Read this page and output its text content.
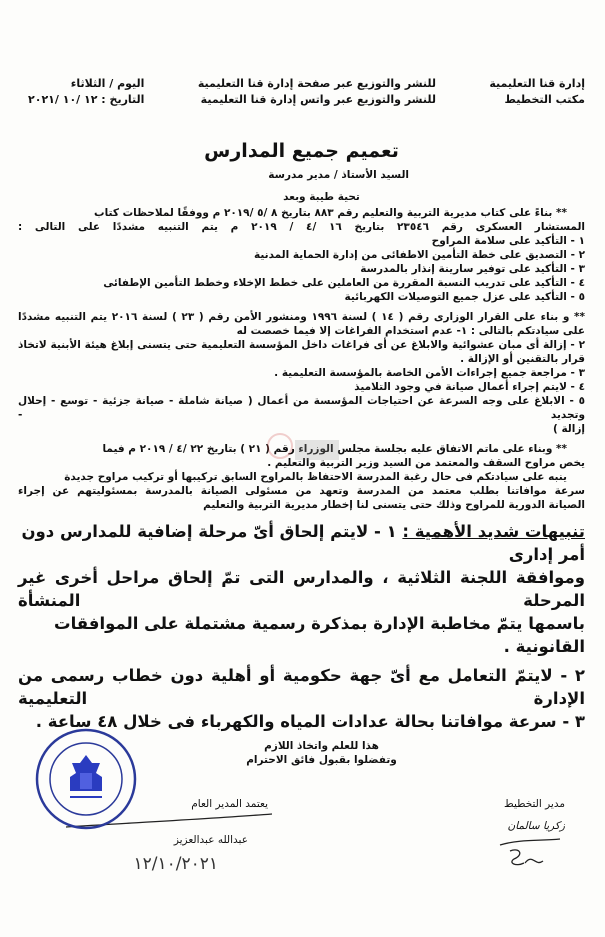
إدارة قنا التعليمية
مكتب التخطيط
للنشر والتوزيع عبر صفحة إدارة قنا التعليمية
للنشر والتوزيع عبر واتس إدارة قنا التعليمية
اليوم / الثلاثاء
التاريخ : ١٢ /١٠ /٢٠٢١
تعميم جميع المدارس
السيد الأستاذ / مدير مدرسة
تحية طيبة وبعد
** بناءً على كتاب مديرية التربية والتعليم رقم ٨٨٣ بتاريخ ٨ /٥ /٢٠١٩ م ووفقًا لملاحظات كتاب
المستشار العسكرى رقم ٢٣٥٤٦ بتاريخ ١٦ /٤ / ٢٠١٩ م يتم التنبيه مشددًا على التالى :
١ - التأكيد على سلامة المراوح
٢ - التصديق على خطة التأمين الاطفائى من إدارة الحماية المدنية
٣ - التأكيد على توفير سارينة إنذار بالمدرسة
٤ - التأكيد على تدريب النسبة المقررة من العاملين على خطط الإخلاء وخطط التأمين الإطفائى
٥ - التأكيد على عزل جميع التوصيلات الكهربائية
** و بناء على القرار الوزارى رقم ( ١٤ ) لسنة ١٩٩٦ ومنشور الأمن رقم ( ٢٣ ) لسنة ٢٠١٦ يتم التنبيه مشددًا
على سيادتكم بالتالى : ١- عدم استخدام الفراغات إلا فيما خصصت له
٢ - إزالة أى مبان عشوائية والابلاغ عن أى فراغات داخل المؤسسة التعليمية حتى يتسنى إبلاغ هيئة الأبنية لاتخاذ
قرار بالتقنين أو الإزالة .
٣ - مراجعة جميع إجراءات الأمن الخاصة بالمؤسسة التعليمية .
٤ - لايتم إجراء أعمال صيانة في وجود التلاميذ
٥ - الابلاغ على وجه السرعة عن احتياجات المؤسسة من أعمال ( صيانة شاملة - صيانة جزئية - توسع - إحلال وتجديد -
إزالة )
** وبناء على ماتم الاتفاق عليه بجلسة مجلس الوزراء رقم ( ٢١ ) بتاريخ ٢٢ /٤ / ٢٠١٩ م فيما
يخص مراوح السقف والمعتمد من السيد وزير التربية والتعليم .
ينبه على سيادتكم فى حال رغبة المدرسة الاحتفاظ بالمراوح السابق تركيبها أو تركيب مراوح جديدة
سرعة موافاتنا بطلب معتمد من المدرسة وتعهد من مسئولى الصيانة بالمدرسة بمسئوليتهم عن إجراء
الصيانة الدورية للمراوح وذلك حتى يتسنى لنا إخطار مديرية التربية والتعليم
تنبيهات شديد الأهمية : ١ - لايتم إلحاق أىّ مرحلة إضافية للمدارس دون أمر إدارى
وموافقة اللجنة الثلاثية ، والمدارس التى تمّ إلحاق مراحل أخرى غير المرحلة المنشأة
باسمها يتمّ مخاطبة الإدارة بمذكرة رسمية مشتملة على الموافقات القانونية .
٢ - لايتمّ التعامل مع أىّ جهة حكومية أو أهلية دون خطاب رسمى من الإدارة التعليمية
٣ - سرعة موافاتنا بحالة عدادات المياه والكهرباء فى خلال ٤٨ ساعة .
هذا للعلم واتخاذ اللازم
وتفضلوا بقبول فائق الاحترام
مدير التخطيط
زكريا سالمان
يعتمد المدير العام
عبدالله عبدالعزيز
١٢/١٠/٢٠٢١
